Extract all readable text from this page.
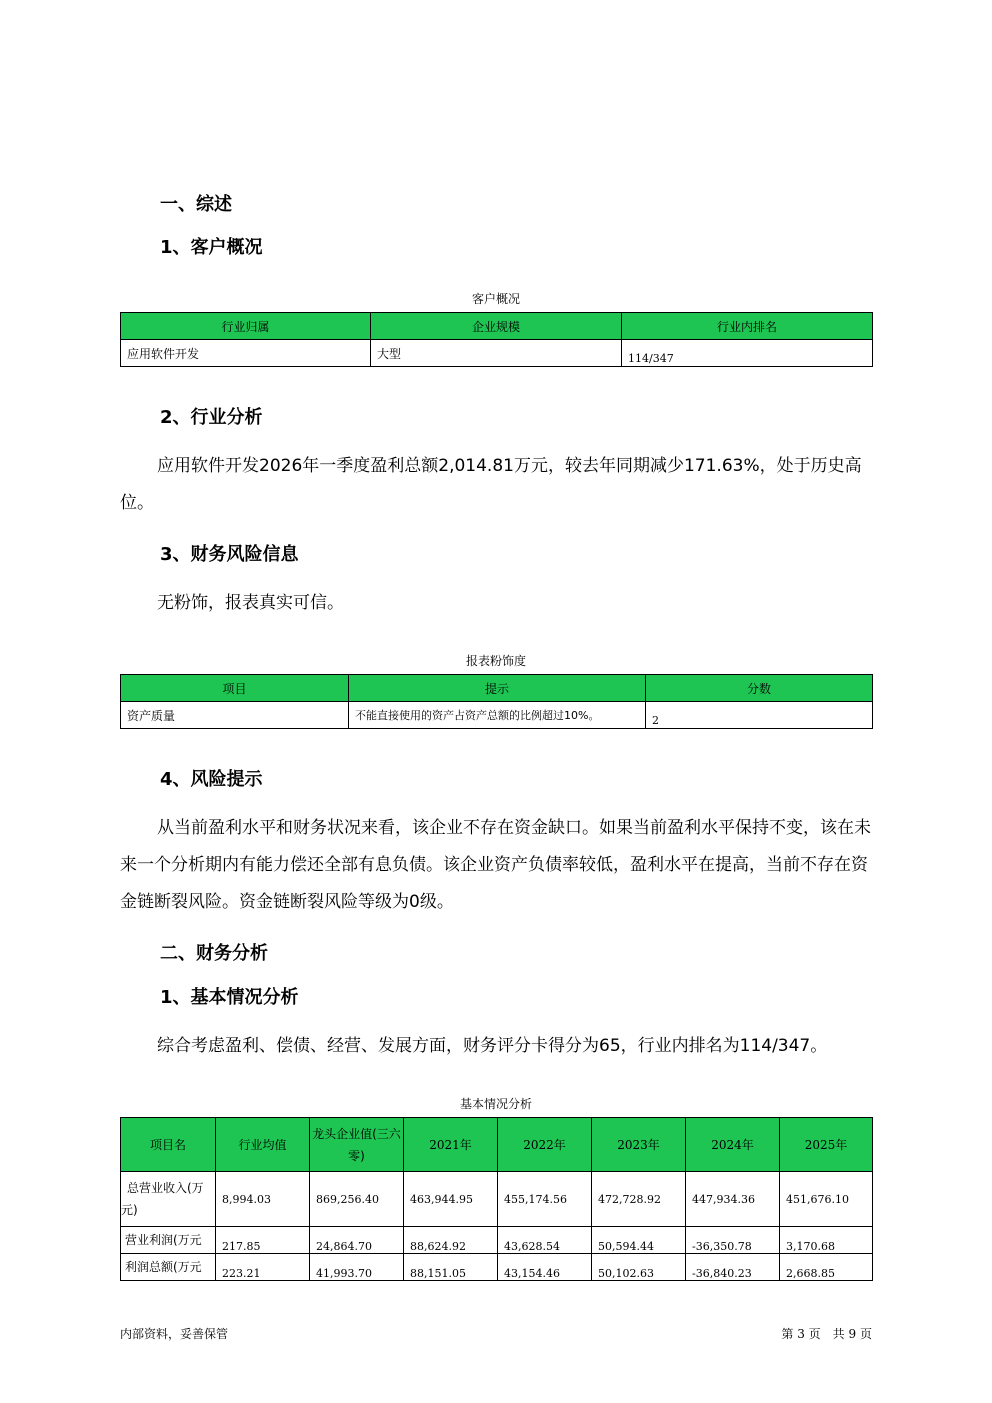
一、综述
1、客户概况
客户概况
行业归属	企业规模	行业内排名
应用软件开发	大型	114/347
2、行业分析
应用软件开发2026年一季度盈利总额2,014.81万元，较去年同期减少171.63%，处于历史高位。
3、财务风险信息
无粉饰，报表真实可信。
报表粉饰度
项目	提示	分数
资产质量	不能直接使用的资产占资产总额的比例超过10%。	2
4、风险提示
从当前盈利水平和财务状况来看，该企业不存在资金缺口。如果当前盈利水平保持不变，该在未来一个分析期内有能力偿还全部有息负债。该企业资产负债率较低，盈利水平在提高，当前不存在资金链断裂风险。资金链断裂风险等级为0级。
二、财务分析
1、基本情况分析
综合考虑盈利、偿债、经营、发展方面，财务评分卡得分为65，行业内排名为114/347。
基本情况分析
项目名	行业均值	龙头企业值(三六零)	2021年	2022年	2023年	2024年	2025年
总营业收入(万元)	8,994.03	869,256.40	463,944.95	455,174.56	472,728.92	447,934.36	451,676.10
营业利润(万元	217.85	24,864.70	88,624.92	43,628.54	50,594.44	-36,350.78	3,170.68
利润总额(万元	223.21	41,993.70	88,151.05	43,154.46	50,102.63	-36,840.23	2,668.85
内部资料，妥善保管	第 3 页　共 9 页
